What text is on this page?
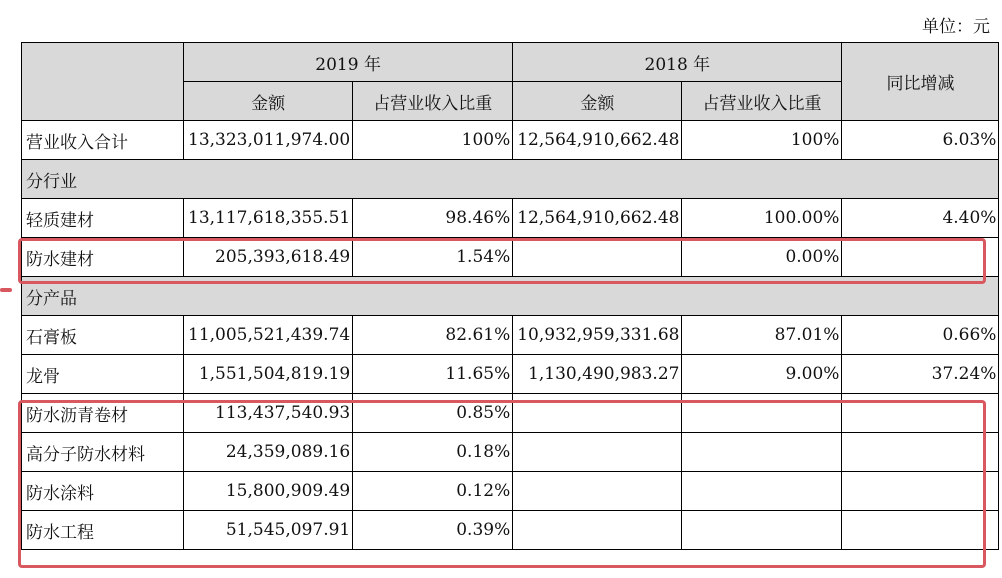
单位：元
	2019 年		2018 年		同比增减
	金额	占营业收入比重	金额	占营业收入比重	
营业收入合计	13,323,011,974.00	100%	12,564,910,662.48	100%	6.03%
分行业					
轻质建材	13,117,618,355.51	98.46%	12,564,910,662.48	100.00%	4.40%
防水建材	205,393,618.49	1.54%		0.00%	
分产品					
石膏板	11,005,521,439.74	82.61%	10,932,959,331.68	87.01%	0.66%
龙骨	1,551,504,819.19	11.65%	1,130,490,983.27	9.00%	37.24%
防水沥青卷材	113,437,540.93	0.85%			
高分子防水材料	24,359,089.16	0.18%			
防水涂料	15,800,909.49	0.12%			
防水工程	51,545,097.91	0.39%			
